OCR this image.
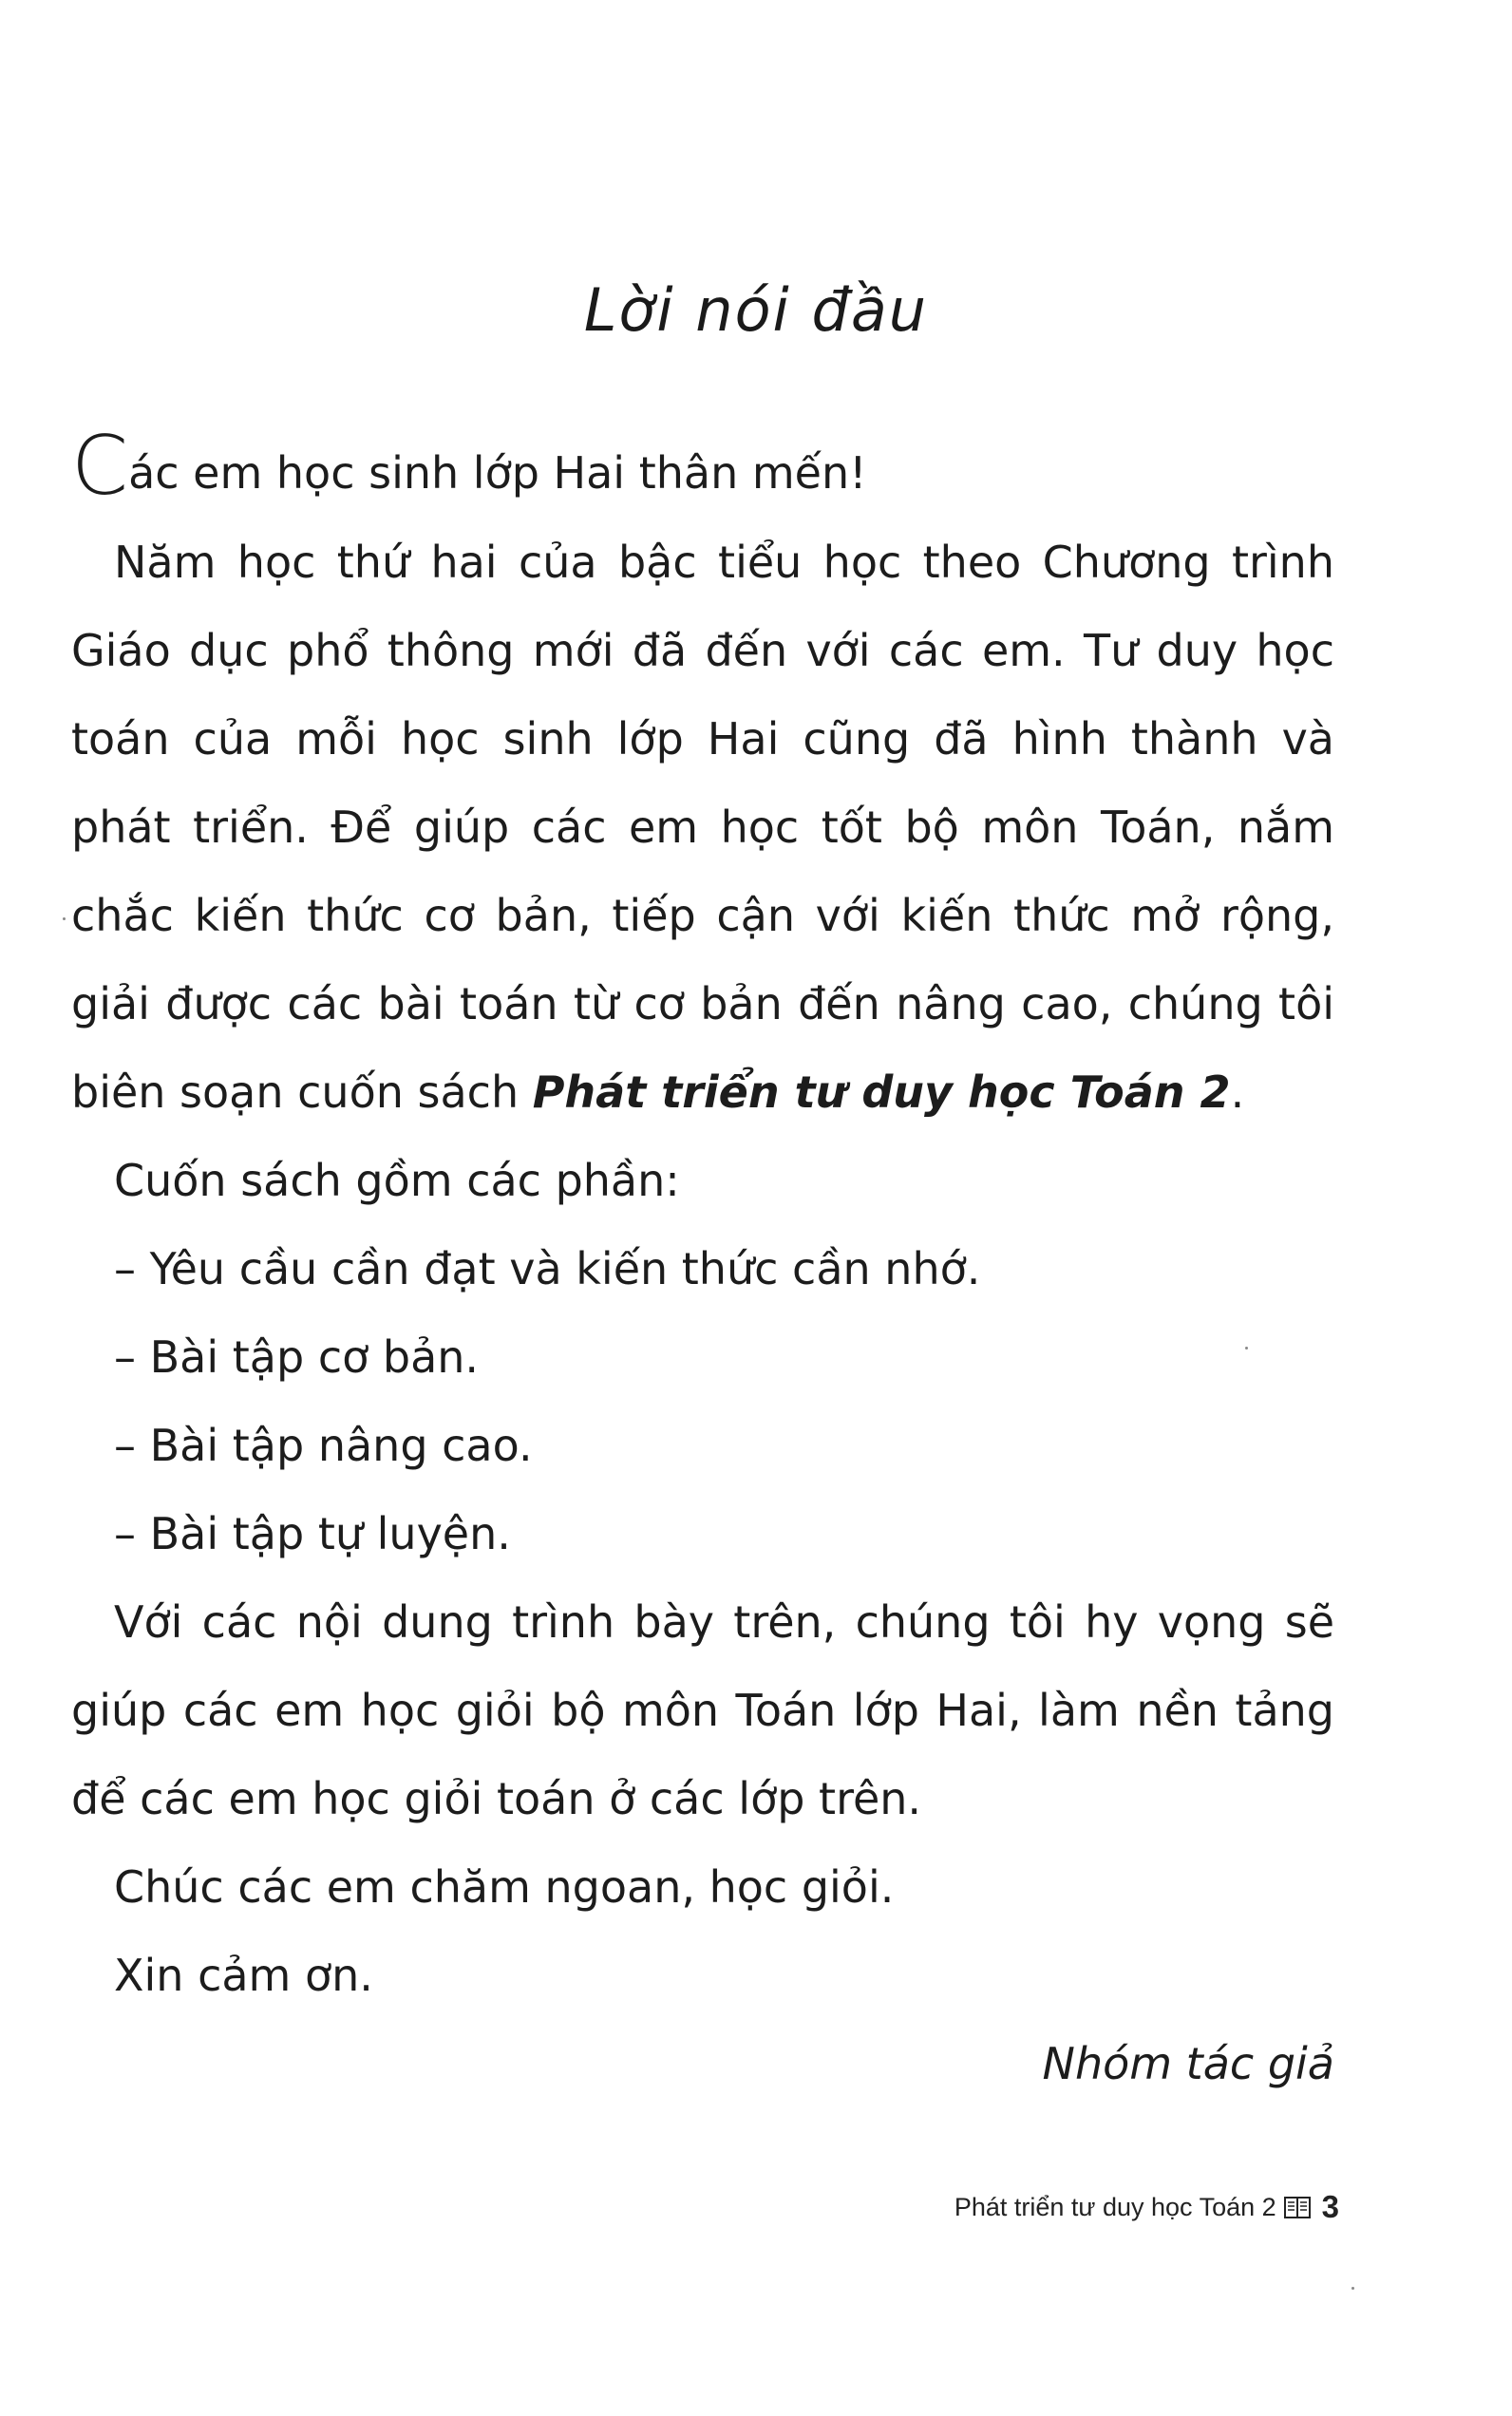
Lời nói đầu

Các em học sinh lớp Hai thân mến!

Năm học thứ hai của bậc tiểu học theo Chương trình Giáo dục phổ thông mới đã đến với các em. Tư duy học toán của mỗi học sinh lớp Hai cũng đã hình thành và phát triển. Để giúp các em học tốt bộ môn Toán, nắm chắc kiến thức cơ bản, tiếp cận với kiến thức mở rộng, giải được các bài toán từ cơ bản đến nâng cao, chúng tôi biên soạn cuốn sách Phát triển tư duy học Toán 2.

Cuốn sách gồm các phần:

– Yêu cầu cần đạt và kiến thức cần nhớ.

– Bài tập cơ bản.

– Bài tập nâng cao.

– Bài tập tự luyện.

Với các nội dung trình bày trên, chúng tôi hy vọng sẽ giúp các em học giỏi bộ môn Toán lớp Hai, làm nền tảng để các em học giỏi toán ở các lớp trên.

Chúc các em chăm ngoan, học giỏi.

Xin cảm ơn.

Nhóm tác giả

Phát triển tư duy học Toán 2 3
